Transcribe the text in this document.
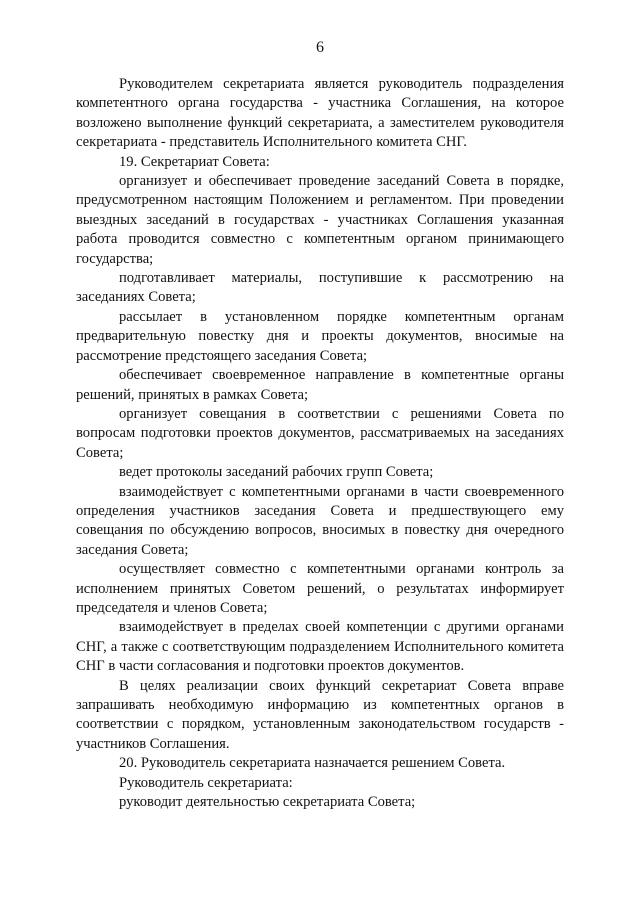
6

Руководителем секретариата является руководитель подразделения компетентного органа государства - участника Соглашения, на которое возложено выполнение функций секретариата, а заместителем руководителя секретариата - представитель Исполнительного комитета СНГ.

19. Секретариат Совета:

организует и обеспечивает проведение заседаний Совета в порядке, предусмотренном настоящим Положением и регламентом. При проведении выездных заседаний в государствах - участниках Соглашения указанная работа проводится совместно с компетентным органом принимающего государства;

подготавливает материалы, поступившие к рассмотрению на заседаниях Совета;

рассылает в установленном порядке компетентным органам предварительную повестку дня и проекты документов, вносимые на рассмотрение предстоящего заседания Совета;

обеспечивает своевременное направление в компетентные органы решений, принятых в рамках Совета;

организует совещания в соответствии с решениями Совета по вопросам подготовки проектов документов, рассматриваемых на заседаниях Совета;

ведет протоколы заседаний рабочих групп Совета;

взаимодействует с компетентными органами в части своевременного определения участников заседания Совета и предшествующего ему совещания по обсуждению вопросов, вносимых в повестку дня очередного заседания Совета;

осуществляет совместно с компетентными органами контроль за исполнением принятых Советом решений, о результатах информирует председателя и членов Совета;

взаимодействует в пределах своей компетенции с другими органами СНГ, а также с соответствующим подразделением Исполнительного комитета СНГ в части согласования и подготовки проектов документов.

В целях реализации своих функций секретариат Совета вправе запрашивать необходимую информацию из компетентных органов в соответствии с порядком, установленным законодательством государств - участников Соглашения.

20. Руководитель секретариата назначается решением Совета.

Руководитель секретариата:

руководит деятельностью секретариата Совета;
